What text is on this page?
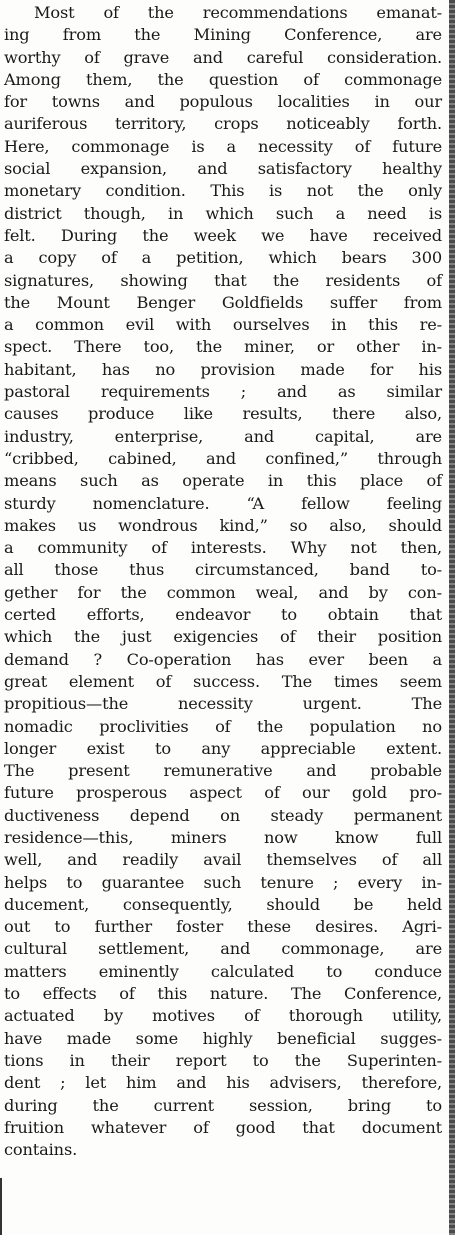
Most of the recommendations emanat-
ing from the Mining Conference, are
worthy of grave and careful consideration.
Among them, the question of commonage
for towns and populous localities in our
auriferous territory, crops noticeably forth.
Here, commonage is a necessity of future
social expansion, and satisfactory healthy
monetary condition. This is not the only
district though, in which such a need is
felt. During the week we have received
a copy of a petition, which bears 300
signatures, showing that the residents of
the Mount Benger Goldfields suffer from
a common evil with ourselves in this re-
spect. There too, the miner, or other in-
habitant, has no provision made for his
pastoral requirements ; and as similar
causes produce like results, there also,
industry, enterprise, and capital, are
“cribbed, cabined, and confined,” through
means such as operate in this place of
sturdy nomenclature. “A fellow feeling
makes us wondrous kind,” so also, should
a community of interests. Why not then,
all those thus circumstanced, band to-
gether for the common weal, and by con-
certed efforts, endeavor to obtain that
which the just exigencies of their position
demand ? Co-operation has ever been a
great element of success. The times seem
propitious—the necessity urgent. The
nomadic proclivities of the population no
longer exist to any appreciable extent.
The present remunerative and probable
future prosperous aspect of our gold pro-
ductiveness depend on steady permanent
residence—this, miners now know full
well, and readily avail themselves of all
helps to guarantee such tenure ; every in-
ducement, consequently, should be held
out to further foster these desires. Agri-
cultural settlement, and commonage, are
matters eminently calculated to conduce
to effects of this nature. The Conference,
actuated by motives of thorough utility,
have made some highly beneficial sugges-
tions in their report to the Superinten-
dent ; let him and his advisers, therefore,
during the current session, bring to
fruition whatever of good that document
contains.
